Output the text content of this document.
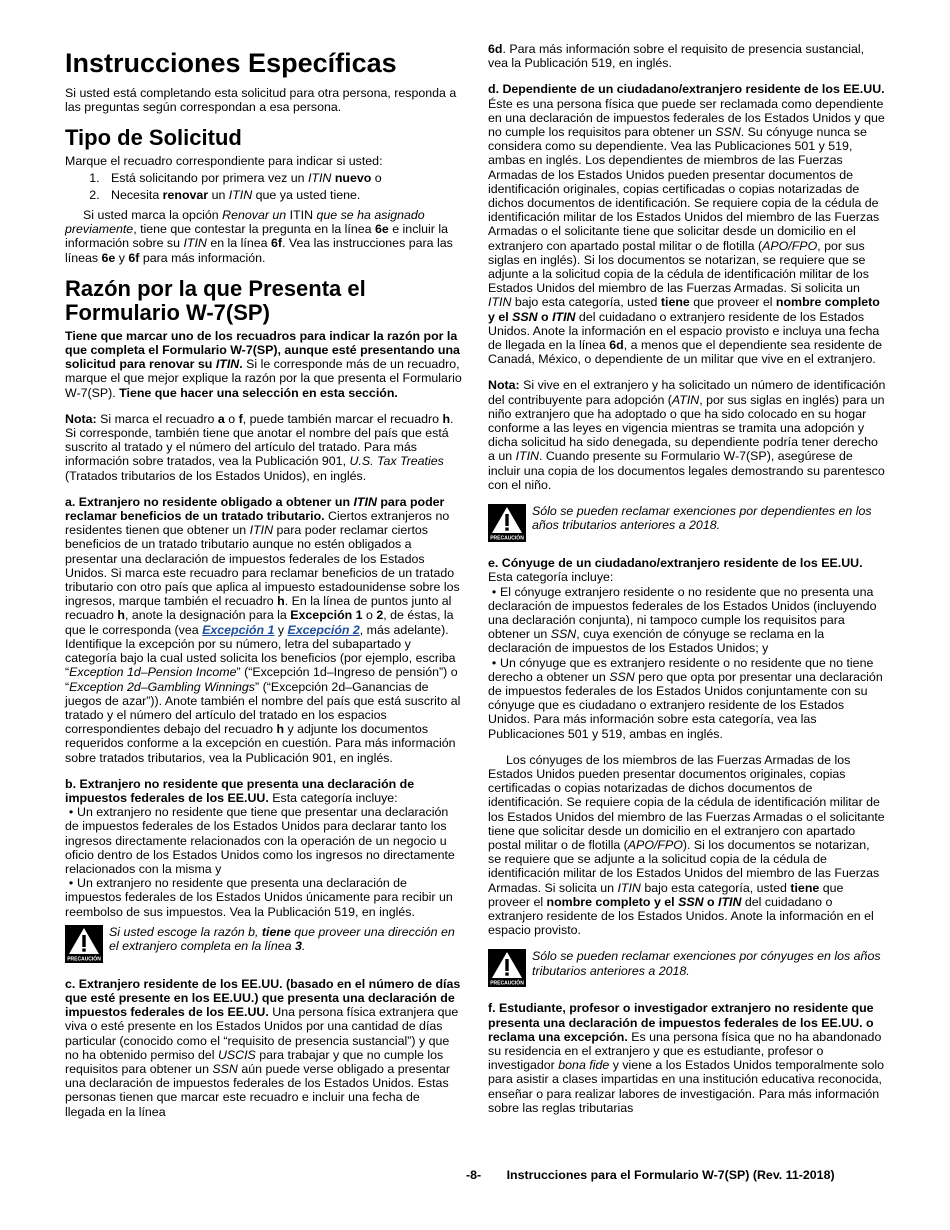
Instrucciones Específicas

Si usted está completando esta solicitud para otra persona, responda a las preguntas según correspondan a esa persona.

Tipo de Solicitud

Marque el recuadro correspondiente para indicar si usted:

1. Está solicitando por primera vez un ITIN nuevo o
2. Necesita renovar un ITIN que ya usted tiene.

Si usted marca la opción Renovar un ITIN que se ha asignado previamente, tiene que contestar la pregunta en la línea 6e e incluir la información sobre su ITIN en la línea 6f. Vea las instrucciones para las líneas 6e y 6f para más información.

Razón por la que Presenta el Formulario W-7(SP)

Tiene que marcar uno de los recuadros para indicar la razón por la que completa el Formulario W-7(SP), aunque esté presentando una solicitud para renovar su ITIN. Si le corresponde más de un recuadro, marque el que mejor explique la razón por la que presenta el Formulario W-7(SP). Tiene que hacer una selección en esta sección.

Nota: Si marca el recuadro a o f, puede también marcar el recuadro h. Si corresponde, también tiene que anotar el nombre del país que está suscrito al tratado y el número del artículo del tratado. Para más información sobre tratados, vea la Publicación 901, U.S. Tax Treaties (Tratados tributarios de los Estados Unidos), en inglés.

a. Extranjero no residente obligado a obtener un ITIN para poder reclamar beneficios de un tratado tributario. Ciertos extranjeros no residentes tienen que obtener un ITIN para poder reclamar ciertos beneficios de un tratado tributario aunque no estén obligados a presentar una declaración de impuestos federales de los Estados Unidos. Si marca este recuadro para reclamar beneficios de un tratado tributario con otro país que aplica al impuesto estadounidense sobre los ingresos, marque también el recuadro h. En la línea de puntos junto al recuadro h, anote la designación para la Excepción 1 o 2, de éstas, la que le corresponda (vea Excepción 1 y Excepción 2, más adelante). Identifique la excepción por su número, letra del subapartado y categoría bajo la cual usted solicita los beneficios (por ejemplo, escriba “Exception 1d–Pension Income” (“Excepción 1d–Ingreso de pensión”) o “Exception 2d–Gambling Winnings” (“Excepción 2d–Ganancias de juegos de azar”)). Anote también el nombre del país que está suscrito al tratado y el número del artículo del tratado en los espacios correspondientes debajo del recuadro h y adjunte los documentos requeridos conforme a la excepción en cuestión. Para más información sobre tratados tributarios, vea la Publicación 901, en inglés.

b. Extranjero no residente que presenta una declaración de impuestos federales de los EE.UU. Esta categoría incluye:

• Un extranjero no residente que tiene que presentar una declaración de impuestos federales de los Estados Unidos para declarar tanto los ingresos directamente relacionados con la operación de un negocio u oficio dentro de los Estados Unidos como los ingresos no directamente relacionados con la misma y
• Un extranjero no residente que presenta una declaración de impuestos federales de los Estados Unidos únicamente para recibir un reembolso de sus impuestos. Vea la Publicación 519, en inglés.
PRECAUCIÓN
Si usted escoge la razón b, tiene que proveer una dirección en el extranjero completa en la línea 3.

c. Extranjero residente de los EE.UU. (basado en el número de días que esté presente en los EE.UU.) que presenta una declaración de impuestos federales de los EE.UU. Una persona física extranjera que viva o esté presente en los Estados Unidos por una cantidad de días particular (conocido como el “requisito de presencia sustancial”) y que no ha obtenido permiso del USCIS para trabajar y que no cumple los requisitos para obtener un SSN aún puede verse obligado a presentar una declaración de impuestos federales de los Estados Unidos. Estas personas tienen que marcar este recuadro e incluir una fecha de llegada en la línea

6d. Para más información sobre el requisito de presencia sustancial, vea la Publicación 519, en inglés.

d. Dependiente de un ciudadano/extranjero residente de los EE.UU. Éste es una persona física que puede ser reclamada como dependiente en una declaración de impuestos federales de los Estados Unidos y que no cumple los requisitos para obtener un SSN. Su cónyuge nunca se considera como su dependiente. Vea las Publicaciones 501 y 519, ambas en inglés. Los dependientes de miembros de las Fuerzas Armadas de los Estados Unidos pueden presentar documentos de identificación originales, copias certificadas o copias notarizadas de dichos documentos de identificación. Se requiere copia de la cédula de identificación militar de los Estados Unidos del miembro de las Fuerzas Armadas o el solicitante tiene que solicitar desde un domicilio en el extranjero con apartado postal militar o de flotilla (APO/FPO, por sus siglas en inglés). Si los documentos se notarizan, se requiere que se adjunte a la solicitud copia de la cédula de identificación militar de los Estados Unidos del miembro de las Fuerzas Armadas. Si solicita un ITIN bajo esta categoría, usted tiene que proveer el nombre completo y el SSN o ITIN del cuidadano o extranjero residente de los Estados Unidos. Anote la información en el espacio provisto e incluya una fecha de llegada en la línea 6d, a menos que el dependiente sea residente de Canadá, México, o dependiente de un militar que vive en el extranjero.

Nota: Si vive en el extranjero y ha solicitado un número de identificación del contribuyente para adopción (ATIN, por sus siglas en inglés) para un niño extranjero que ha adoptado o que ha sido colocado en su hogar conforme a las leyes en vigencia mientras se tramita una adopción y dicha solicitud ha sido denegada, su dependiente podría tener derecho a un ITIN. Cuando presente su Formulario W-7(SP), asegúrese de incluir una copia de los documentos legales demostrando su parentesco con el niño.

PRECAUCIÓN
Sólo se pueden reclamar exenciones por dependientes en los años tributarios anteriores a 2018.

e. Cónyuge de un ciudadano/extranjero residente de los EE.UU. Esta categoría incluye:

• El cónyuge extranjero residente o no residente que no presenta una declaración de impuestos federales de los Estados Unidos (incluyendo una declaración conjunta), ni tampoco cumple los requisitos para obtener un SSN, cuya exención de cónyuge se reclama en la declaración de impuestos de los Estados Unidos; y
• Un cónyuge que es extranjero residente o no residente que no tiene derecho a obtener un SSN pero que opta por presentar una declaración de impuestos federales de los Estados Unidos conjuntamente con su cónyuge que es ciudadano o extranjero residente de los Estados Unidos. Para más información sobre esta categoría, vea las Publicaciones 501 y 519, ambas en inglés.

Los cónyuges de los miembros de las Fuerzas Armadas de los Estados Unidos pueden presentar documentos originales, copias certificadas o copias notarizadas de dichos documentos de identificación. Se requiere copia de la cédula de identificación militar de los Estados Unidos del miembro de las Fuerzas Armadas o el solicitante tiene que solicitar desde un domicilio en el extranjero con apartado postal militar o de flotilla (APO/FPO). Si los documentos se notarizan, se requiere que se adjunte a la solicitud copia de la cédula de identificación militar de los Estados Unidos del miembro de las Fuerzas Armadas. Si solicita un ITIN bajo esta categoría, usted tiene que proveer el nombre completo y el SSN o ITIN del cuidadano o extranjero residente de los Estados Unidos. Anote la información en el espacio provisto.

PRECAUCIÓN
Sólo se pueden reclamar exenciones por cónyuges en los años tributarios anteriores a 2018.

f. Estudiante, profesor o investigador extranjero no residente que presenta una declaración de impuestos federales de los EE.UU. o reclama una excepción. Es una persona física que no ha abandonado su residencia en el extranjero y que es estudiante, profesor o investigador bona fide y viene a los Estados Unidos temporalmente solo para asistir a clases impartidas en una institución educativa reconocida, enseñar o para realizar labores de investigación. Para más información sobre las reglas tributarias

-8- Instrucciones para el Formulario W-7(SP) (Rev. 11-2018)
